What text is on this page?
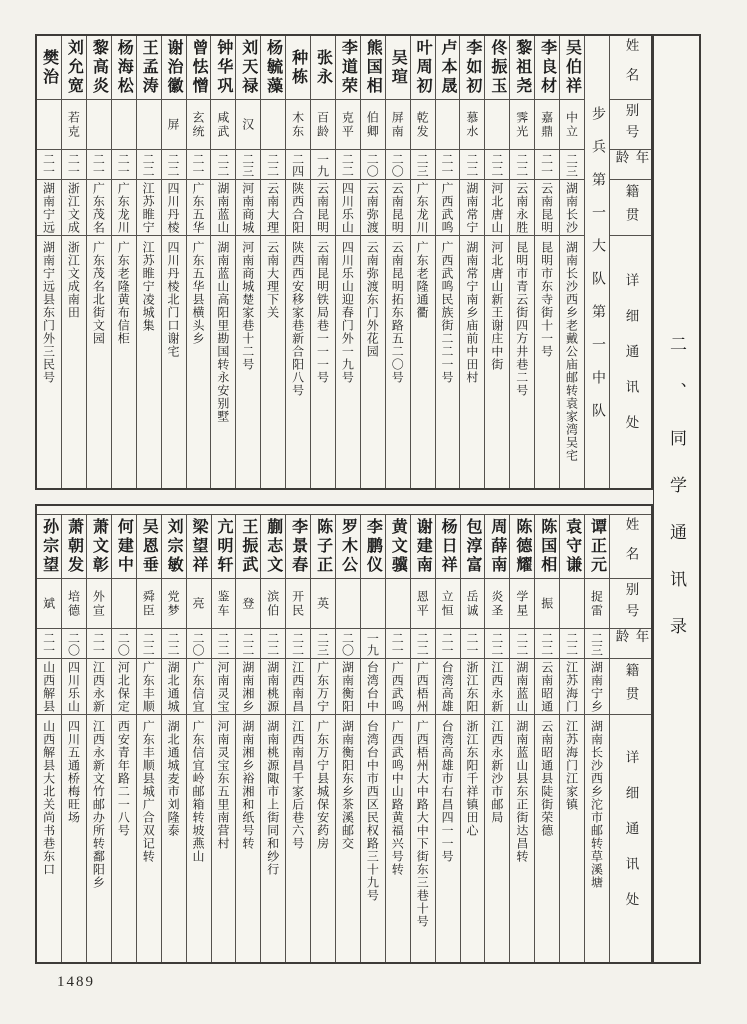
姓名
别号
年龄
籍贯
详细通讯处
步兵第一大队第一中队
吴伯祥
中立
二三
湖南长沙
湖南长沙西乡老戴公庙邮转袁家湾吴宅
李良材
嘉鼎
二一
云南昆明
昆明市东寺街十一号
黎祖尧
霁光
二二
云南永胜
昆明市青云街四方井巷二号
佟振玉
二二
河北唐山
河北唐山新王谢庄中街
李如初
慕水
二二
湖南常宁
湖南常宁南乡庙前中田村
卢本晟
二一
广西武鸣
广西武鸣民族街二二一号
叶周初
乾发
二三
广东龙川
广东老隆通衢
吴瑄
屏南
二〇
云南昆明
云南昆明拓东路五二〇号
熊国相
伯卿
二〇
云南弥渡
云南弥渡东门外花园
李道荣
克平
二二
四川乐山
四川乐山迎春门外一九号
张永
百龄
一九
云南昆明
云南昆明铁局巷一一一号
种栋
木东
二四
陕西合阳
陕西西安移家巷新合阳八号
杨毓藻
二二
云南大理
云南大理下关
刘天禄
汉
二三
河南商城
河南商城楚家巷十二号
钟华巩
咸武
二二
湖南蓝山
湖南蓝山高阳里勘国转永安别墅
曾怯憎
玄统
二一
广东五华
广东五华县横头乡
谢治徽
屏
二二
四川丹棱
四川丹棱北门口谢宅
王孟涛
二二
江苏睢宁
江苏睢宁凌城集
杨海松
二一
广东龙川
广东老隆黄布信柜
黎高炎
二一
广东茂名
广东茂名北街文园
刘允宽
若克
二一
浙江文成
浙江文成南田
樊治
二一
湖南宁远
湖南宁远县东门外三民号
姓名
别号
年龄
籍贯
详细通讯处
谭正元
捉雷
二三
湖南宁乡
湖南长沙西乡沱市邮转草溪塘
袁守谦
二二
江苏海门
江苏海门江家镇
陈国相
振
二二
云南昭通
云南昭通县陡街荣德
陈德耀
学星
二二
湖南蓝山
湖南蓝山县东正街达昌转
周薛南
炎圣
二二
江西永新
江西永新沙市邮局
包淳富
岳诚
二一
浙江东阳
浙江东阳千祥镇田心
杨日祥
立恒
二一
台湾高雄
台湾高雄市右昌四一一号
谢建南
恩平
二二
广西梧州
广西梧州大中路大中下街东三巷十号
黄文骥
二一
广西武鸣
广西武鸣中山路黄福兴号转
李鹏仪
一九
台湾台中
台湾台中市西区民权路三十九号
罗木公
二〇
湖南衡阳
湖南衡阳东乡茶溪邮交
陈子正
英
二三
广东万宁
广东万宁县城保安药房
李景春
开民
二二
江西南昌
江西南昌千家后巷六号
蒯志文
滨伯
二二
湖南桃源
湖南桃源陬市上街同和纱行
王振武
登
二二
湖南湘乡
湖南湘乡裕湘和纸号转
亢明轩
鉴车
二二
河南灵宝
河南灵宝东五里南营村
梁望祥
亮
二〇
广东信宜
广东信宜岭邮箱转坡燕山
刘宗敏
党梦
二二
湖北通城
湖北通城麦市刘隆泰
吴恩垂
舜臣
二二
广东丰顺
广东丰顺县城广合双记转
何建中
二〇
河北保定
西安青年路二一八号
萧文彰
外宣
二一
江西永新
江西永新文竹邮办所转鄱阳乡
萧朝发
培德
二〇
四川乐山
四川五通桥梅旺场
孙宗望
斌
二一
山西解县
山西解县大北关尚书巷东口
二、同学通讯录
1489
